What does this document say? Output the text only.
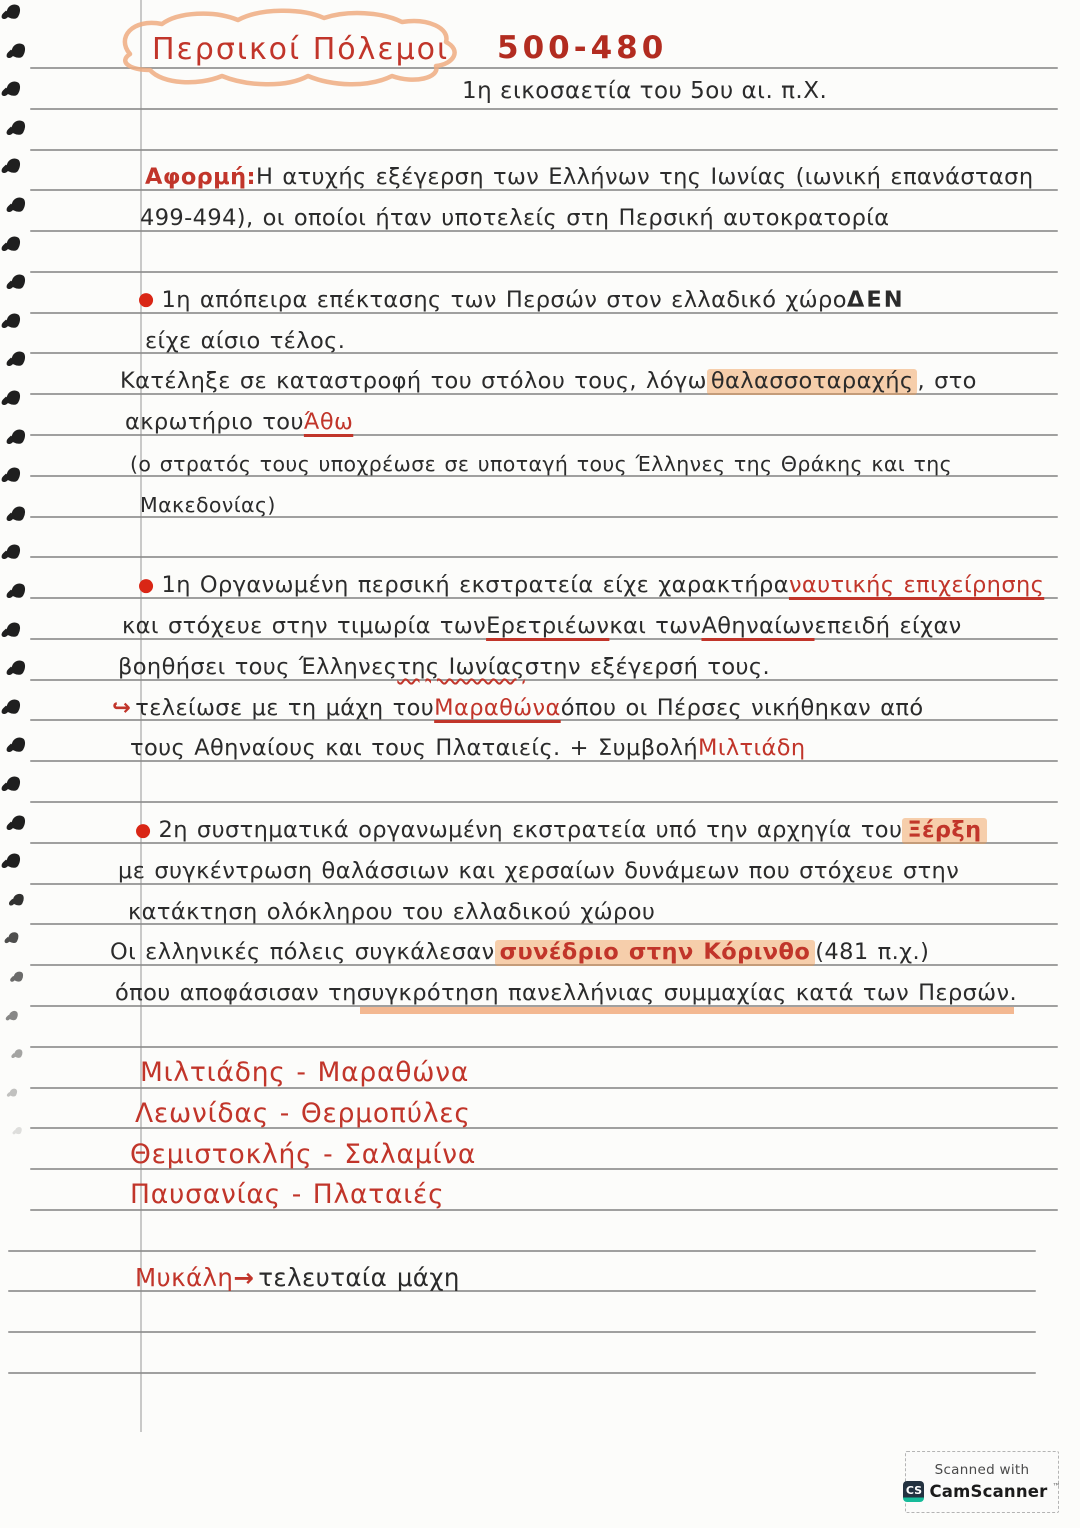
Περσικοί Πόλεμοι 500-480
1η εικοσαετία του 5ου αι. π.Χ.
Scanned with
CS CamScanner ™
Αφορμή: Η ατυχής εξέγερση των Ελλήνων της Ιωνίας (ιωνική επανάσταση
499-494), οι οποίοι ήταν υποτελείς στη Περσική αυτοκρατορία
● 1η απόπειρα επέκτασης των Περσών στον ελλαδικό χώρο ΔΕΝ
είχε αίσιο τέλος.
Κατέληξε σε καταστροφή του στόλου τους, λόγω θαλασσοταραχής , στο
ακρωτήριο του Άθω
(ο στρατός τους υποχρέωσε σε υποταγή τους Έλληνες της Θράκης και της
Μακεδονίας)
● 1η Οργανωμένη περσική εκστρατεία είχε χαρακτήρα ναυτικής επιχείρησης
και στόχευε στην τιμωρία των Ερετριέων και των Αθηναίων επειδή είχαν
βοηθήσει τους Έλληνες της Ιωνίας στην εξέγερσή τους.
↪ τελείωσε με τη μάχη του Μαραθώνα όπου οι Πέρσες νικήθηκαν από
τους Αθηναίους και τους Πλαταιείς. + Συμβολή Μιλτιάδη
● 2η συστηματικά οργανωμένη εκστρατεία υπό την αρχηγία του Ξέρξη
με συγκέντρωση θαλάσσιων και χερσαίων δυνάμεων που στόχευε στην
κατάκτηση ολόκληρου του ελλαδικού χώρου
Οι ελληνικές πόλεις συγκάλεσαν συνέδριο στην Κόρινθο (481 π.χ.)
όπου αποφάσισαν τη συγκρότηση πανελλήνιας συμμαχίας κατά των Περσών.
Μιλτιάδης - Μαραθώνα
Λεωνίδας - Θερμοπύλες
Θεμιστοκλής - Σαλαμίνα
Παυσανίας - Πλαταιές
Μυκάλη → τελευταία μάχη
